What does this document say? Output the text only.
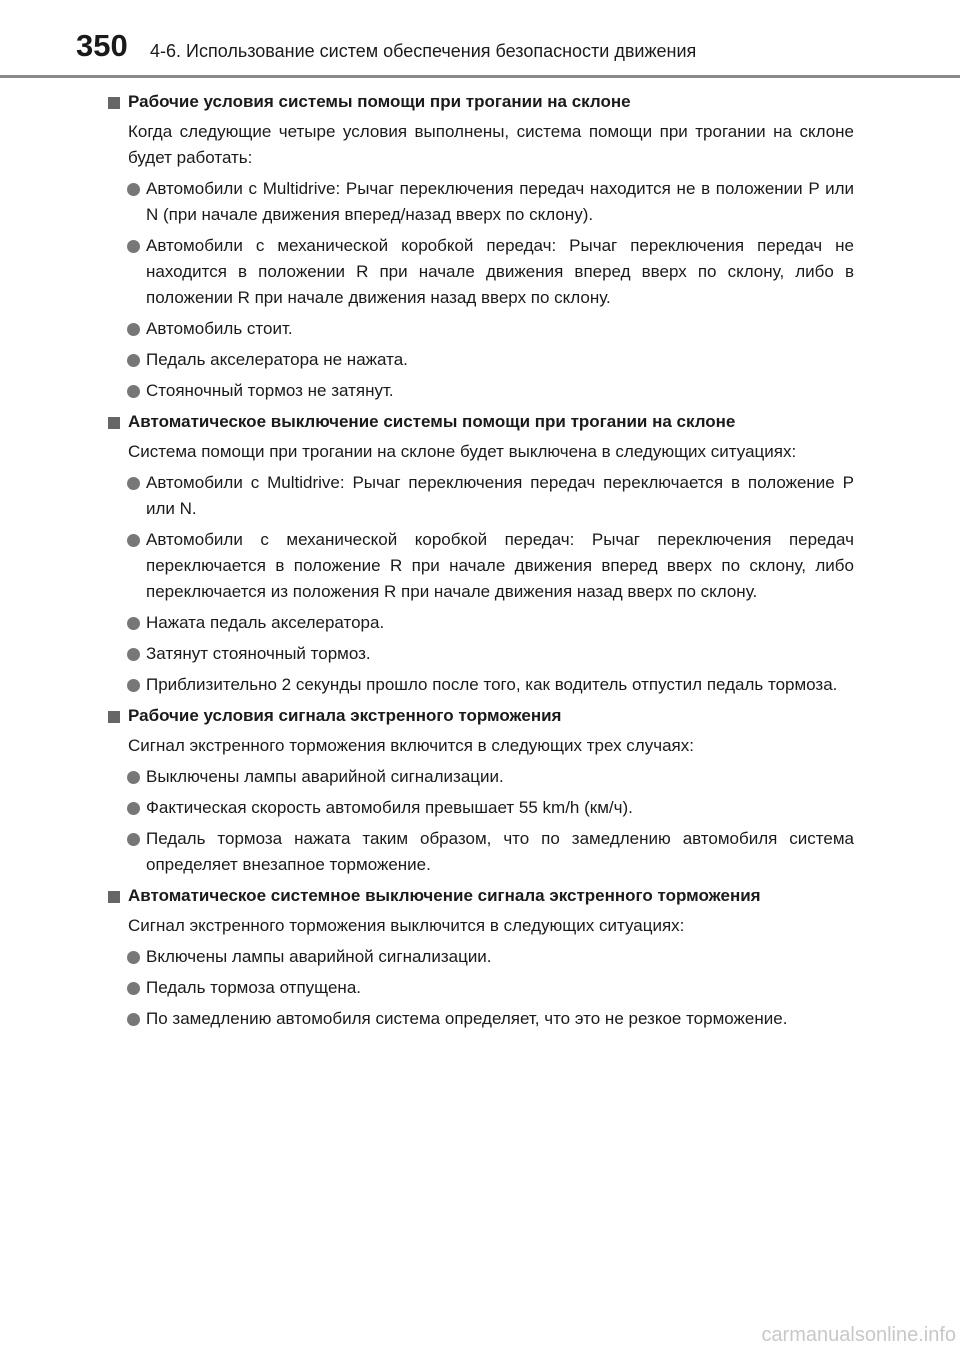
350 4-6. Использование систем обеспечения безопасности движения
Рабочие условия системы помощи при трогании на склоне
Когда следующие четыре условия выполнены, система помощи при трогании на склоне будет работать:
Автомобили с Multidrive: Рычаг переключения передач находится не в положении P или N (при начале движения вперед/назад вверх по склону).
Автомобили с механической коробкой передач: Рычаг переключения передач не находится в положении R при начале движения вперед вверх по склону, либо в положении R при начале движения назад вверх по склону.
Автомобиль стоит.
Педаль акселератора не нажата.
Стояночный тормоз не затянут.
Автоматическое выключение системы помощи при трогании на склоне
Система помощи при трогании на склоне будет выключена в следующих ситуациях:
Автомобили с Multidrive: Рычаг переключения передач переключается в положение P или N.
Автомобили с механической коробкой передач: Рычаг переключения передач переключается в положение R при начале движения вперед вверх по склону, либо переключается из положения R при начале движения назад вверх по склону.
Нажата педаль акселератора.
Затянут стояночный тормоз.
Приблизительно 2 секунды прошло после того, как водитель отпустил педаль тормоза.
Рабочие условия сигнала экстренного торможения
Сигнал экстренного торможения включится в следующих трех случаях:
Выключены лампы аварийной сигнализации.
Фактическая скорость автомобиля превышает 55 km/h (км/ч).
Педаль тормоза нажата таким образом, что по замедлению автомобиля система определяет внезапное торможение.
Автоматическое системное выключение сигнала экстренного торможения
Сигнал экстренного торможения выключится в следующих ситуациях:
Включены лампы аварийной сигнализации.
Педаль тормоза отпущена.
По замедлению автомобиля система определяет, что это не резкое торможение.
carmanualsonline.info
